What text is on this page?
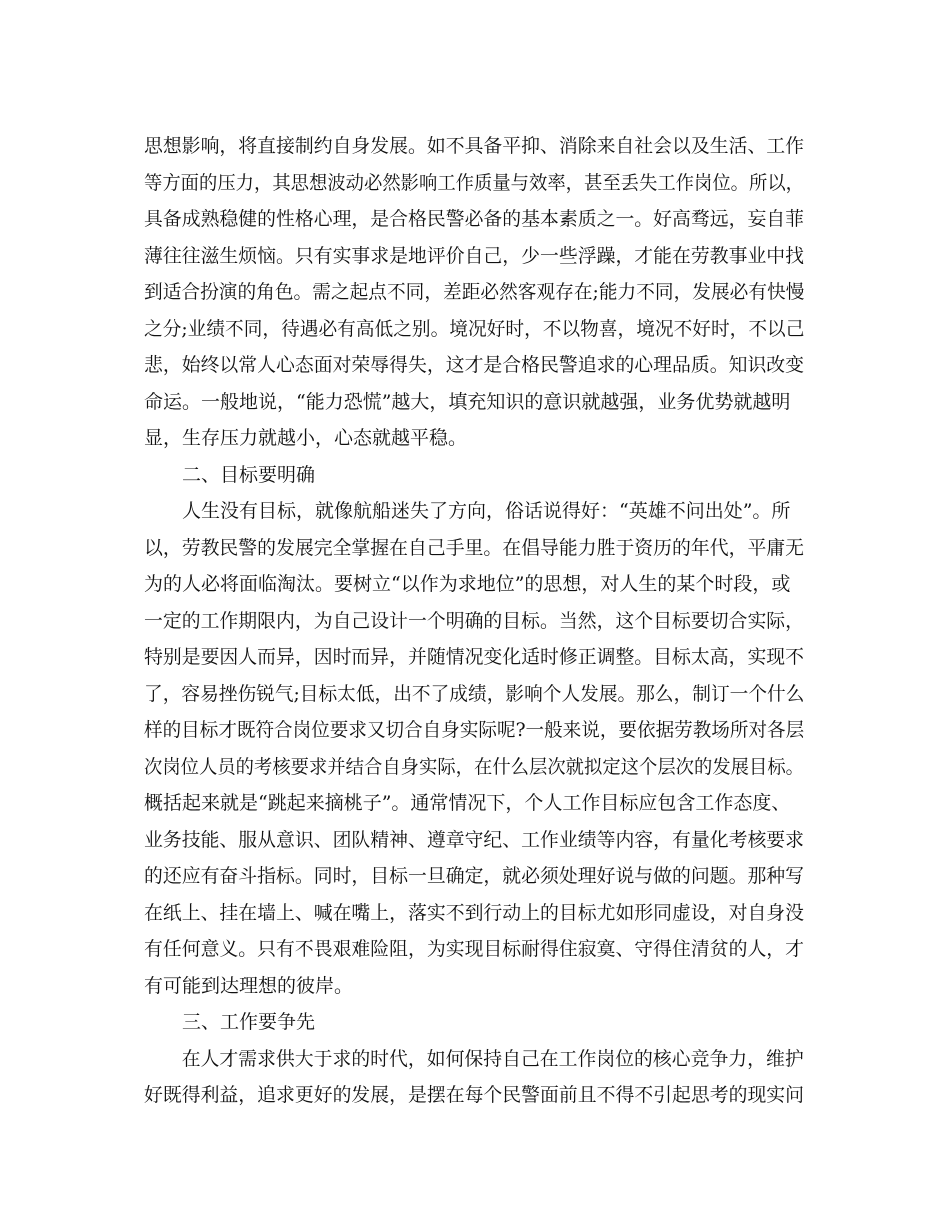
思想影响，将直接制约自身发展。如不具备平抑、消除来自社会以及生活、工作
等方面的压力，其思想波动必然影响工作质量与效率，甚至丢失工作岗位。所以，
具备成熟稳健的性格心理，是合格民警必备的基本素质之一。好高骛远，妄自菲
薄往往滋生烦恼。只有实事求是地评价自己，少一些浮躁，才能在劳教事业中找
到适合扮演的角色。需之起点不同，差距必然客观存在;能力不同，发展必有快慢
之分;业绩不同，待遇必有高低之别。境况好时，不以物喜，境况不好时，不以己
悲，始终以常人心态面对荣辱得失，这才是合格民警追求的心理品质。知识改变
命运。一般地说，“能力恐慌”越大，填充知识的意识就越强，业务优势就越明
显，生存压力就越小，心态就越平稳。
二、目标要明确
人生没有目标，就像航船迷失了方向，俗话说得好：“英雄不问出处”。所
以，劳教民警的发展完全掌握在自己手里。在倡导能力胜于资历的年代，平庸无
为的人必将面临淘汰。要树立“以作为求地位”的思想，对人生的某个时段，或
一定的工作期限内，为自己设计一个明确的目标。当然，这个目标要切合实际，
特别是要因人而异，因时而异，并随情况变化适时修正调整。目标太高，实现不
了，容易挫伤锐气;目标太低，出不了成绩，影响个人发展。那么，制订一个什么
样的目标才既符合岗位要求又切合自身实际呢?一般来说，要依据劳教场所对各层
次岗位人员的考核要求并结合自身实际，在什么层次就拟定这个层次的发展目标。
概括起来就是“跳起来摘桃子”。通常情况下，个人工作目标应包含工作态度、
业务技能、服从意识、团队精神、遵章守纪、工作业绩等内容，有量化考核要求
的还应有奋斗指标。同时，目标一旦确定，就必须处理好说与做的问题。那种写
在纸上、挂在墙上、喊在嘴上，落实不到行动上的目标尤如形同虚设，对自身没
有任何意义。只有不畏艰难险阻，为实现目标耐得住寂寞、守得住清贫的人，才
有可能到达理想的彼岸。
三、工作要争先
在人才需求供大于求的时代，如何保持自己在工作岗位的核心竞争力，维护
好既得利益，追求更好的发展，是摆在每个民警面前且不得不引起思考的现实问
